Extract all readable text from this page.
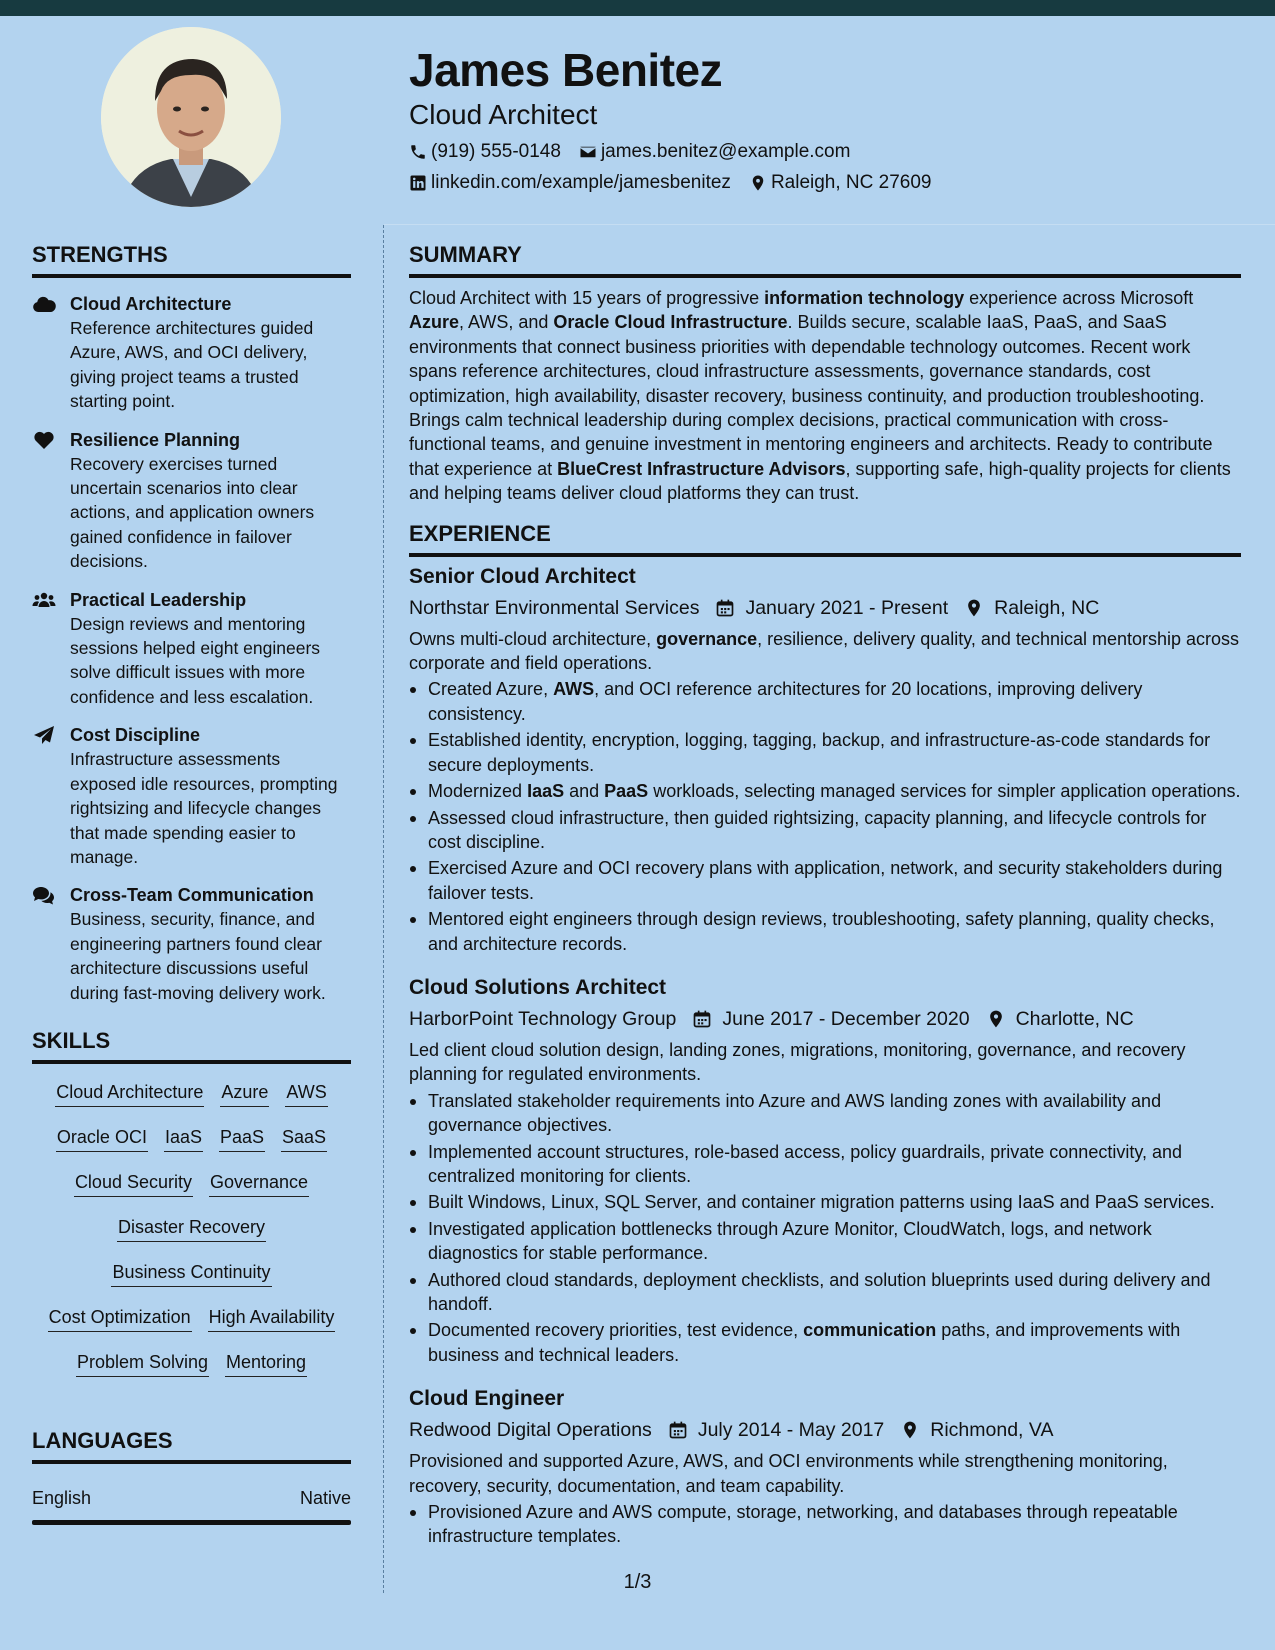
James Benitez
Cloud Architect
(919) 555-0148 james.benitez@example.com
linkedin.com/example/jamesbenitez Raleigh, NC 27609
STRENGTHS
Cloud Architecture
Reference architectures guided Azure, AWS, and OCI delivery, giving project teams a trusted starting point.
Resilience Planning
Recovery exercises turned uncertain scenarios into clear actions, and application owners gained confidence in failover decisions.
Practical Leadership
Design reviews and mentoring sessions helped eight engineers solve difficult issues with more confidence and less escalation.
Cost Discipline
Infrastructure assessments exposed idle resources, prompting rightsizing and lifecycle changes that made spending easier to manage.
Cross-Team Communication
Business, security, finance, and engineering partners found clear architecture discussions useful during fast-moving delivery work.
SKILLS
Cloud Architecture Azure AWS
Oracle OCI IaaS PaaS SaaS
Cloud Security Governance
Disaster Recovery
Business Continuity
Cost Optimization High Availability
Problem Solving Mentoring
LANGUAGES
English	Native
SUMMARY
Cloud Architect with 15 years of progressive information technology experience across Microsoft Azure, AWS, and Oracle Cloud Infrastructure. Builds secure, scalable IaaS, PaaS, and SaaS environments that connect business priorities with dependable technology outcomes. Recent work spans reference architectures, cloud infrastructure assessments, governance standards, cost optimization, high availability, disaster recovery, business continuity, and production troubleshooting. Brings calm technical leadership during complex decisions, practical communication with cross-functional teams, and genuine investment in mentoring engineers and architects. Ready to contribute that experience at BlueCrest Infrastructure Advisors, supporting safe, high-quality projects for clients and helping teams deliver cloud platforms they can trust.
EXPERIENCE
Senior Cloud Architect
Northstar Environmental Services January 2021 - Present Raleigh, NC
Owns multi-cloud architecture, governance, resilience, delivery quality, and technical mentorship across corporate and field operations.
Created Azure, AWS, and OCI reference architectures for 20 locations, improving delivery consistency.
Established identity, encryption, logging, tagging, backup, and infrastructure-as-code standards for secure deployments.
Modernized IaaS and PaaS workloads, selecting managed services for simpler application operations.
Assessed cloud infrastructure, then guided rightsizing, capacity planning, and lifecycle controls for cost discipline.
Exercised Azure and OCI recovery plans with application, network, and security stakeholders during failover tests.
Mentored eight engineers through design reviews, troubleshooting, safety planning, quality checks, and architecture records.
Cloud Solutions Architect
HarborPoint Technology Group June 2017 - December 2020 Charlotte, NC
Led client cloud solution design, landing zones, migrations, monitoring, governance, and recovery planning for regulated environments.
Translated stakeholder requirements into Azure and AWS landing zones with availability and governance objectives.
Implemented account structures, role-based access, policy guardrails, private connectivity, and centralized monitoring for clients.
Built Windows, Linux, SQL Server, and container migration patterns using IaaS and PaaS services.
Investigated application bottlenecks through Azure Monitor, CloudWatch, logs, and network diagnostics for stable performance.
Authored cloud standards, deployment checklists, and solution blueprints used during delivery and handoff.
Documented recovery priorities, test evidence, communication paths, and improvements with business and technical leaders.
Cloud Engineer
Redwood Digital Operations July 2014 - May 2017 Richmond, VA
Provisioned and supported Azure, AWS, and OCI environments while strengthening monitoring, recovery, security, documentation, and team capability.
Provisioned Azure and AWS compute, storage, networking, and databases through repeatable infrastructure templates.
1/3
